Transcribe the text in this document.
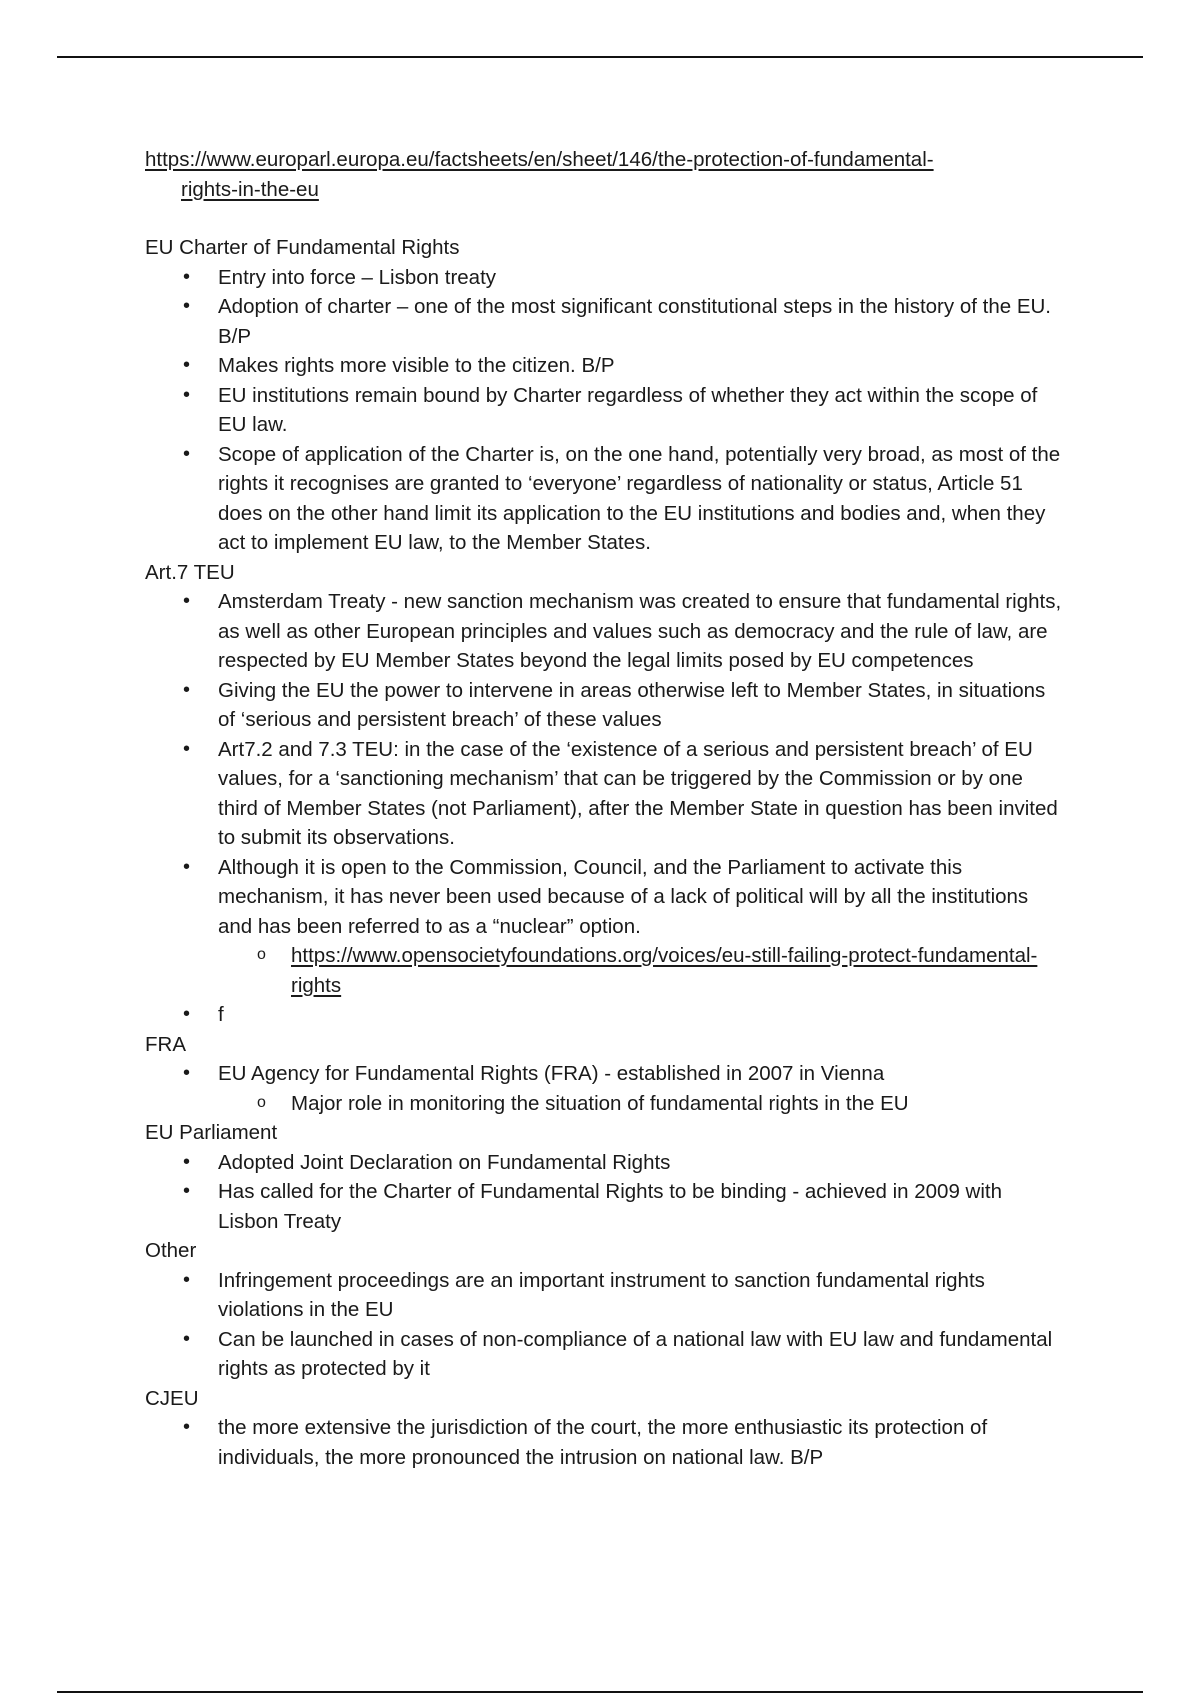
https://www.europarl.europa.eu/factsheets/en/sheet/146/the-protection-of-fundamental-rights-in-the-eu
EU Charter of Fundamental Rights
• Entry into force – Lisbon treaty
• Adoption of charter – one of the most significant constitutional steps in the history of the EU. B/P
• Makes rights more visible to the citizen. B/P
• EU institutions remain bound by Charter regardless of whether they act within the scope of EU law.
• Scope of application of the Charter is, on the one hand, potentially very broad, as most of the rights it recognises are granted to ‘everyone’ regardless of nationality or status, Article 51 does on the other hand limit its application to the EU institutions and bodies and, when they act to implement EU law, to the Member States.
Art.7 TEU
• Amsterdam Treaty - new sanction mechanism was created to ensure that fundamental rights, as well as other European principles and values such as democracy and the rule of law, are respected by EU Member States beyond the legal limits posed by EU competences
• Giving the EU the power to intervene in areas otherwise left to Member States, in situations of ‘serious and persistent breach’ of these values
• Art7.2 and 7.3 TEU: in the case of the ‘existence of a serious and persistent breach’ of EU values, for a ‘sanctioning mechanism’ that can be triggered by the Commission or by one third of Member States (not Parliament), after the Member State in question has been invited to submit its observations.
• Although it is open to the Commission, Council, and the Parliament to activate this mechanism, it has never been used because of a lack of political will by all the institutions and has been referred to as a “nuclear” option.
o https://www.opensocietyfoundations.org/voices/eu-still-failing-protect-fundamental-rights
• f
FRA
• EU Agency for Fundamental Rights (FRA) - established in 2007 in Vienna
o Major role in monitoring the situation of fundamental rights in the EU
EU Parliament
• Adopted Joint Declaration on Fundamental Rights
• Has called for the Charter of Fundamental Rights to be binding - achieved in 2009 with Lisbon Treaty
Other
• Infringement proceedings are an important instrument to sanction fundamental rights violations in the EU
• Can be launched in cases of non-compliance of a national law with EU law and fundamental rights as protected by it
CJEU
• the more extensive the jurisdiction of the court, the more enthusiastic its protection of individuals, the more pronounced the intrusion on national law. B/P
